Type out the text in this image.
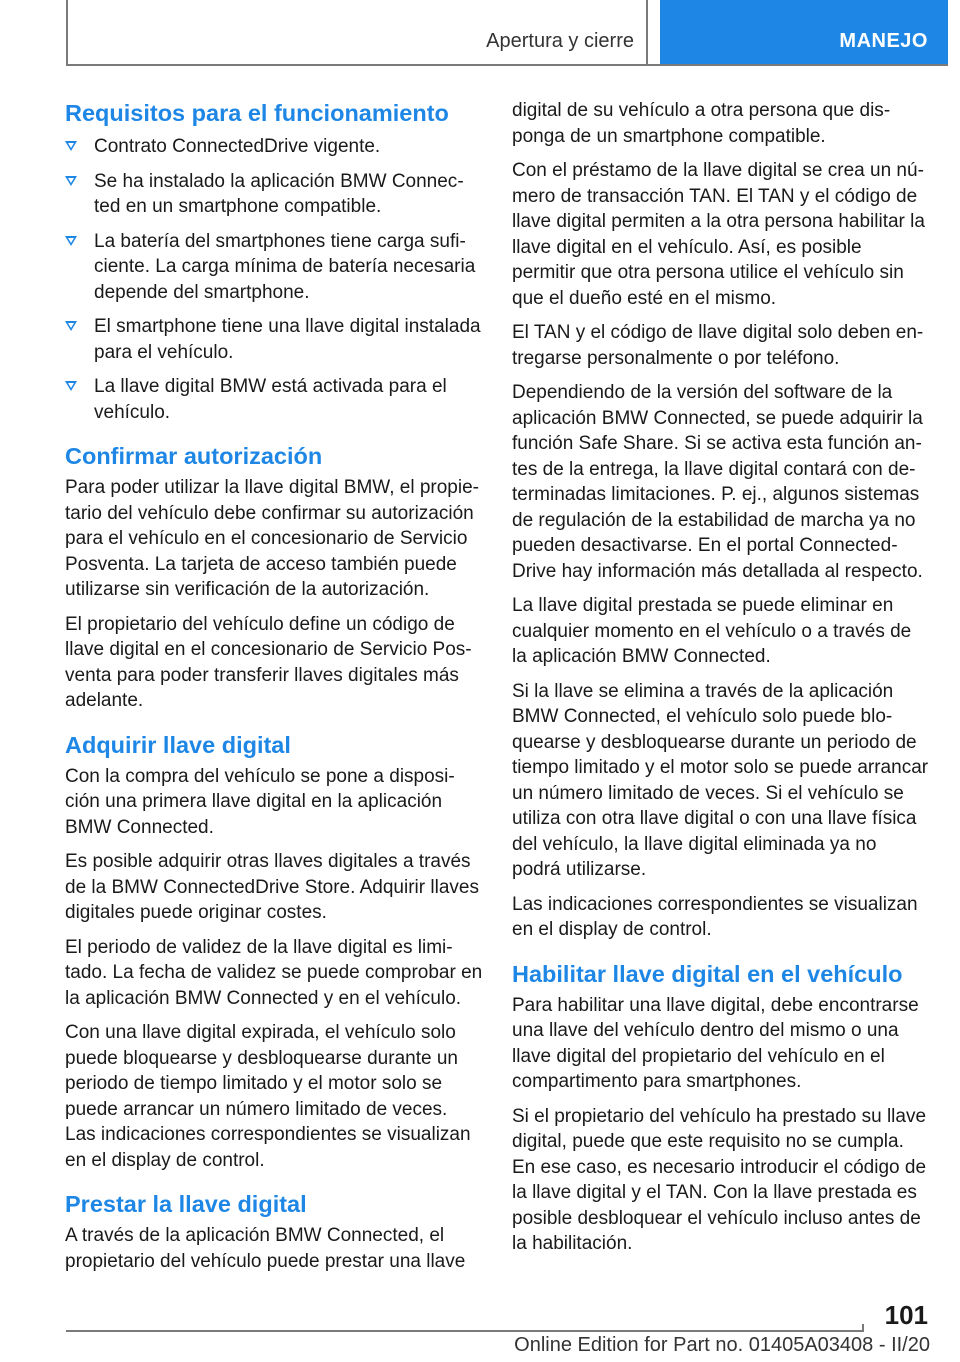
Apertura y cierre	MANEJO
Requisitos para el funcionamiento
Contrato ConnectedDrive vigente.
Se ha instalado la aplicación BMW Connected en un smartphone compatible.
La batería del smartphones tiene carga suficiente. La carga mínima de batería necesaria depende del smartphone.
El smartphone tiene una llave digital instalada para el vehículo.
La llave digital BMW está activada para el vehículo.
Confirmar autorización

Para poder utilizar la llave digital BMW, el propietario del vehículo debe confirmar su autorización para el vehículo en el concesionario de Servicio Posventa. La tarjeta de acceso también puede utilizarse sin verificación de la autorización.

El propietario del vehículo define un código de llave digital en el concesionario de Servicio Posventa para poder transferir llaves digitales más adelante.

Adquirir llave digital

Con la compra del vehículo se pone a disposición una primera llave digital en la aplicación BMW Connected.

Es posible adquirir otras llaves digitales a través de la BMW ConnectedDrive Store. Adquirir llaves digitales puede originar costes.

El periodo de validez de la llave digital es limitado. La fecha de validez se puede comprobar en la aplicación BMW Connected y en el vehículo.

Con una llave digital expirada, el vehículo solo puede bloquearse y desbloquearse durante un periodo de tiempo limitado y el motor solo se puede arrancar un número limitado de veces. Las indicaciones correspondientes se visualizan en el display de control.

Prestar la llave digital

A través de la aplicación BMW Connected, el propietario del vehículo puede prestar una llave

digital de su vehículo a otra persona que disponga de un smartphone compatible.

Con el préstamo de la llave digital se crea un número de transacción TAN. El TAN y el código de llave digital permiten a la otra persona habilitar la llave digital en el vehículo. Así, es posible permitir que otra persona utilice el vehículo sin que el dueño esté en el mismo.

El TAN y el código de llave digital solo deben entregarse personalmente o por teléfono.

Dependiendo de la versión del software de la aplicación BMW Connected, se puede adquirir la función Safe Share. Si se activa esta función antes de la entrega, la llave digital contará con determinadas limitaciones. P. ej., algunos sistemas de regulación de la estabilidad de marcha ya no pueden desactivarse. En el portal ConnectedDrive hay información más detallada al respecto.

La llave digital prestada se puede eliminar en cualquier momento en el vehículo o a través de la aplicación BMW Connected.

Si la llave se elimina a través de la aplicación BMW Connected, el vehículo solo puede bloquearse y desbloquearse durante un periodo de tiempo limitado y el motor solo se puede arrancar un número limitado de veces. Si el vehículo se utiliza con otra llave digital o con una llave física del vehículo, la llave digital eliminada ya no podrá utilizarse.

Las indicaciones correspondientes se visualizan en el display de control.

Habilitar llave digital en el vehículo

Para habilitar una llave digital, debe encontrarse una llave del vehículo dentro del mismo o una llave digital del propietario del vehículo en el compartimento para smartphones.

Si el propietario del vehículo ha prestado su llave digital, puede que este requisito no se cumpla. En ese caso, es necesario introducir el código de la llave digital y el TAN. Con la llave prestada es posible desbloquear el vehículo incluso antes de la habilitación.

101
Online Edition for Part no. 01405A03408 - II/20
